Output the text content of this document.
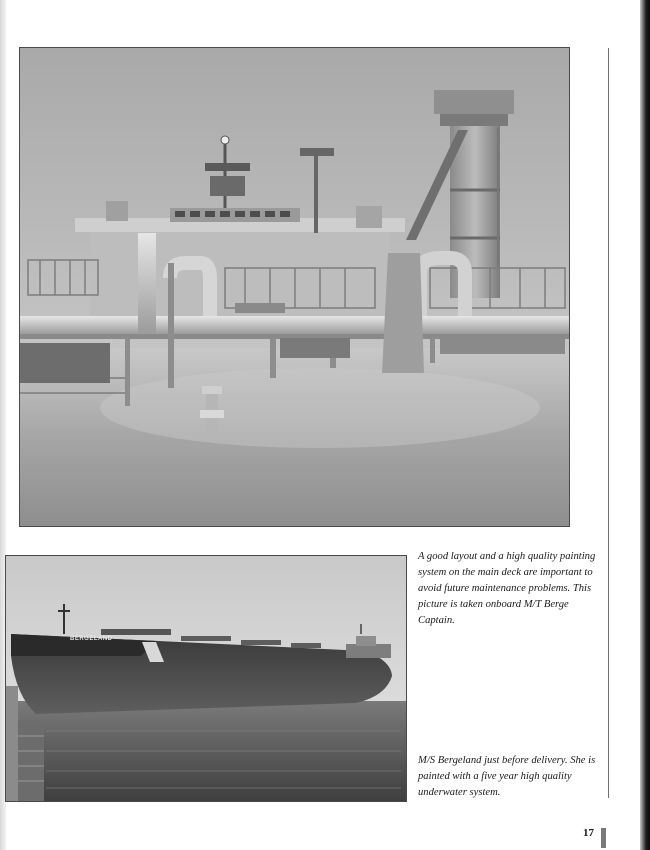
BERGELAND
A good layout and a high quality painting system on the main deck are important to avoid future maintenance problems. This picture is taken onboard M/T Berge Captain.
M/S Bergeland just before delivery. She is painted with a five year high quality underwater system.
17
